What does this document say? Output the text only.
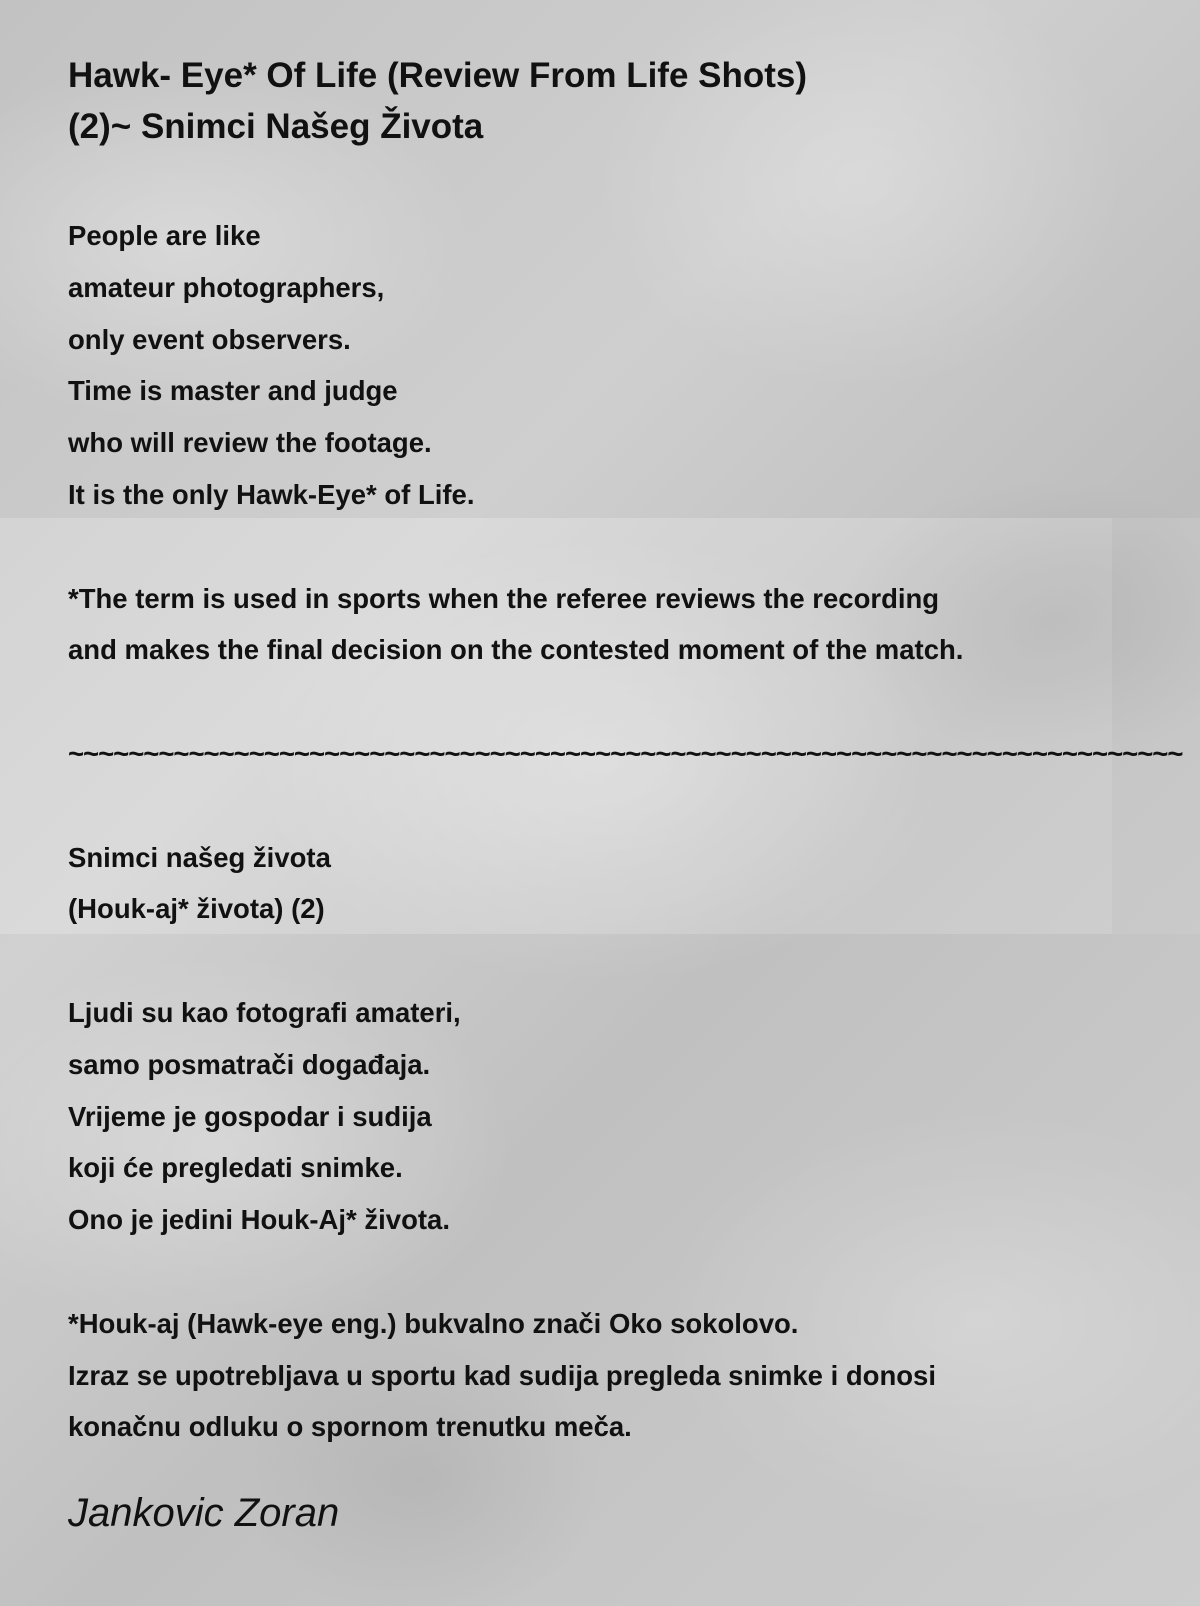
Hawk- Eye* Of Life (Review From Life Shots)
(2)~ Snimci Našeg Života
People are like
amateur photographers,
only event observers.
Time is master and judge
who will review the footage.
It is the only Hawk-Eye* of Life.
*The term is used in sports when the referee reviews the recording
and makes the final decision on the contested moment of the match.
~~~~~~~~~~~~~~~~~~~~~~~~~~~~~~~~~~~~~~~~~~~~~~~~~~~~~~~~~~~~~~~~~~~~~~~~~~
Snimci našeg života
(Houk-aj* života) (2)
Ljudi su kao fotografi amateri,
samo posmatrači događaja.
Vrijeme je gospodar i sudija
koji će pregledati snimke.
Ono je jedini Houk-Aj* života.
*Houk-aj (Hawk-eye eng.) bukvalno znači Oko sokolovo.
Izraz se upotrebljava u sportu kad sudija pregleda snimke i donosi
konačnu odluku o spornom trenutku meča.
Jankovic Zoran
